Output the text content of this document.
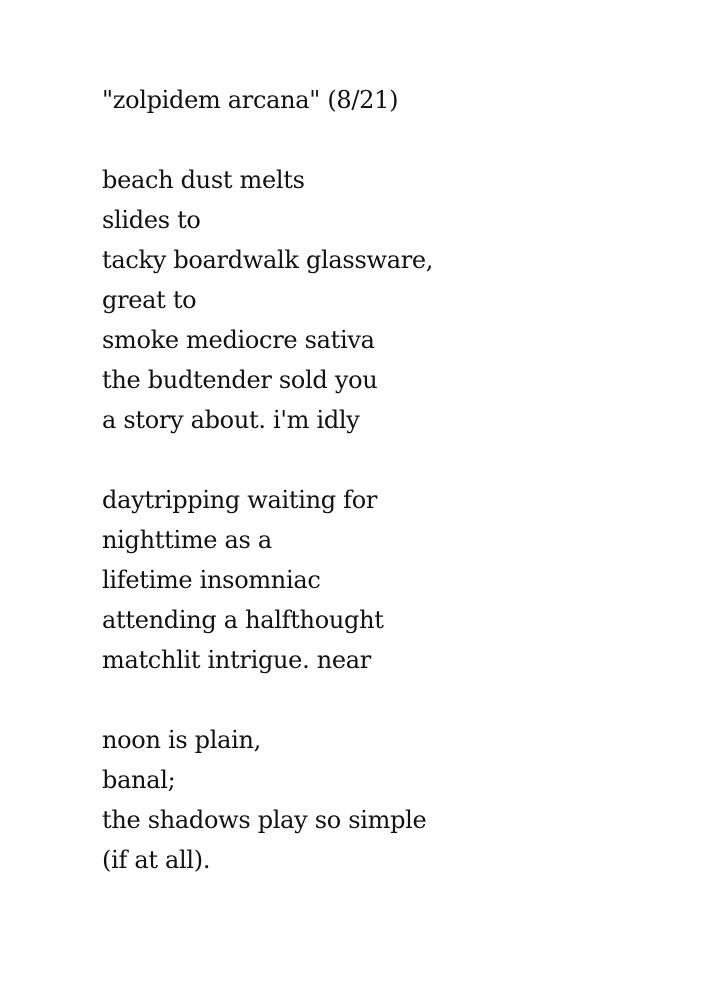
"zolpidem arcana" (8/21)
beach dust melts
slides to
tacky boardwalk glassware,
great to
smoke mediocre sativa
the budtender sold you
a story about. i'm idly
daytripping waiting for
nighttime as a
lifetime insomniac
attending a halfthought
matchlit intrigue. near
noon is plain,
banal;
the shadows play so simple
(if at all).
